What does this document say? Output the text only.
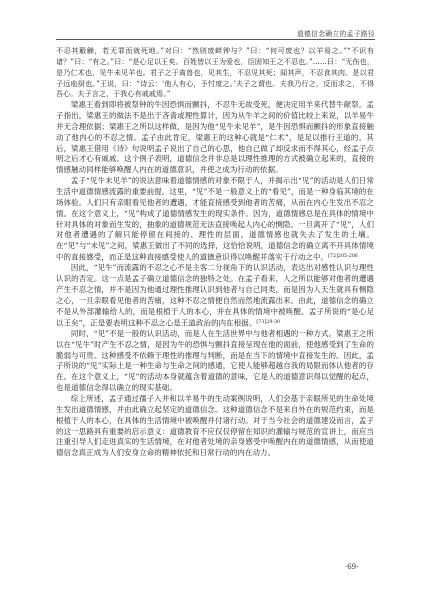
道德信念确立的孟子路径

不忍其觳觫，若无罪而就死地。”对曰：“然则废衅钟与？”曰：“何可废也？以羊易之。”“不识有诸？”曰：“有之。”曰：“是心足以王矣。百姓皆以王为爱也，臣固知王之不忍也。”……曰：“无伤也，是乃仁术也，见牛未见羊也。君子之于禽兽也，见其生，不忍见其死；闻其声，不忍食其肉。是以君子远庖厨也。”王说，曰：“诗云：‘他人有心，予忖度之。’夫子之谓也。夫我乃行之，反而求之，不得吾心。夫子言之，于我心有戚戚焉。”

梁惠王看到即将被祭钟的牛因恐惧而颤抖，不忍牛无故受死，便决定用羊来代替牛献祭。孟子指出，梁惠王的做法不是出于吝啬或理性算计，因为从牛羊之间的价值比较上来说，以羊易牛并无合理依据；梁惠王之所以这样做，是因为他“见牛未见羊”，是牛因恐惧而颤抖的形象直接触动了他内心的不忍之情。孟子由此肯定，梁惠王的这种心就是“仁术”，是足以推行王道的。其后，梁惠王借用《诗》句说明孟子说出了自己的心思，他自己做了却反求而不得其心，经孟子点明之后才心有戚戚。这个例子表明，道德信念并非总是以理性推理的方式被确立起来的，直接的情感触动同样能够唤醒人内在的道德意识，并使之成为行动的依据。

孟子“见牛未见羊”的说法意味着道德情感的对象不限于人，并揭示出“见”的活动是人们日常生活中道德情感流露的重要前提。这里，“见”不是一般意义上的“看见”，而是一种身临其境的在场体验。人们只有亲眼看见他者的遭遇，才能直接感受到他者的苦痛，从而在内心生发出不忍之情。在这个意义上，“见”构成了道德情感发生的现实条件。因为，道德情感总是在具体的情境中针对具体的对象而生发的，抽象的道德规范无法直接唤起人内心的恻隐。一旦离开了“见”，人们对他者遭遇的了解只能停留在间接的、理性的层面，道德情感也就失去了发生的土壤。在“见”与“未见”之间，梁惠王做出了不同的选择，这恰恰说明，道德信念的确立离不开具体情境中的直接感受，而正是这种直接感受使人的道德意识得以唤醒并落实于行动之中。$^{[72]205-206}$

因此，“见牛”而流露的不忍之心不是主客二分视角下的认识活动，表达出对感性认识与理性认识的否定。这一点是孟子确立道德信念的独特之处。在孟子看来，人之所以能够对他者的遭遇产生不忍之情，并不是因为他通过理性推理认识到他者与自己同类，而是因为人天生就具有恻隐之心，一旦亲眼看见他者的苦痛，这种不忍之情便自然而然地流露出来。由此，道德信念的确立不是从外部灌输给人的，而是根植于人的本心，并在具体的情境中被唤醒。孟子所说的“是心足以王矣”，正是要表明这种不忍之心是王道政治的内在根据。$^{[73]29-30}$

同时，“见”不是一般的认识活动，而是人在生活世界中与他者相遇的一种方式。梁惠王之所以在“见牛”时产生不忍之情，是因为牛的恐惧与颤抖直接呈现在他的面前，使他感受到了生命的脆弱与可贵。这种感受不依赖于理性的推理与判断，而是在当下的情境中直接发生的。因此，孟子所说的“见”实际上是一种生命与生命之间的感通，它使人能够超越自我的局限而体认他者的存在。在这个意义上，“见”的活动本身就蕴含着道德的意味，它是人的道德意识得以觉醒的起点，也是道德信念得以确立的现实基础。

综上所述，孟子通过孺子入井和以羊易牛的生动案例说明，人们会基于亲眼所见的生命处境生发出道德情感，并由此确立起坚定的道德信念。这种道德信念不是来自外在的规范约束，而是根植于人的本心，在具体的生活情境中被唤醒并付诸行动。对于当今社会的道德建设而言，孟子的这一思路具有重要的启示意义：道德教育不应仅仅停留在知识的灌输与规范的宣讲上，而应当注重引导人们走进真实的生活情境，在对他者处境的亲身感受中唤醒内在的道德情感，从而使道德信念真正成为人们安身立命的精神依托和日常行动的内在动力。

·69·
